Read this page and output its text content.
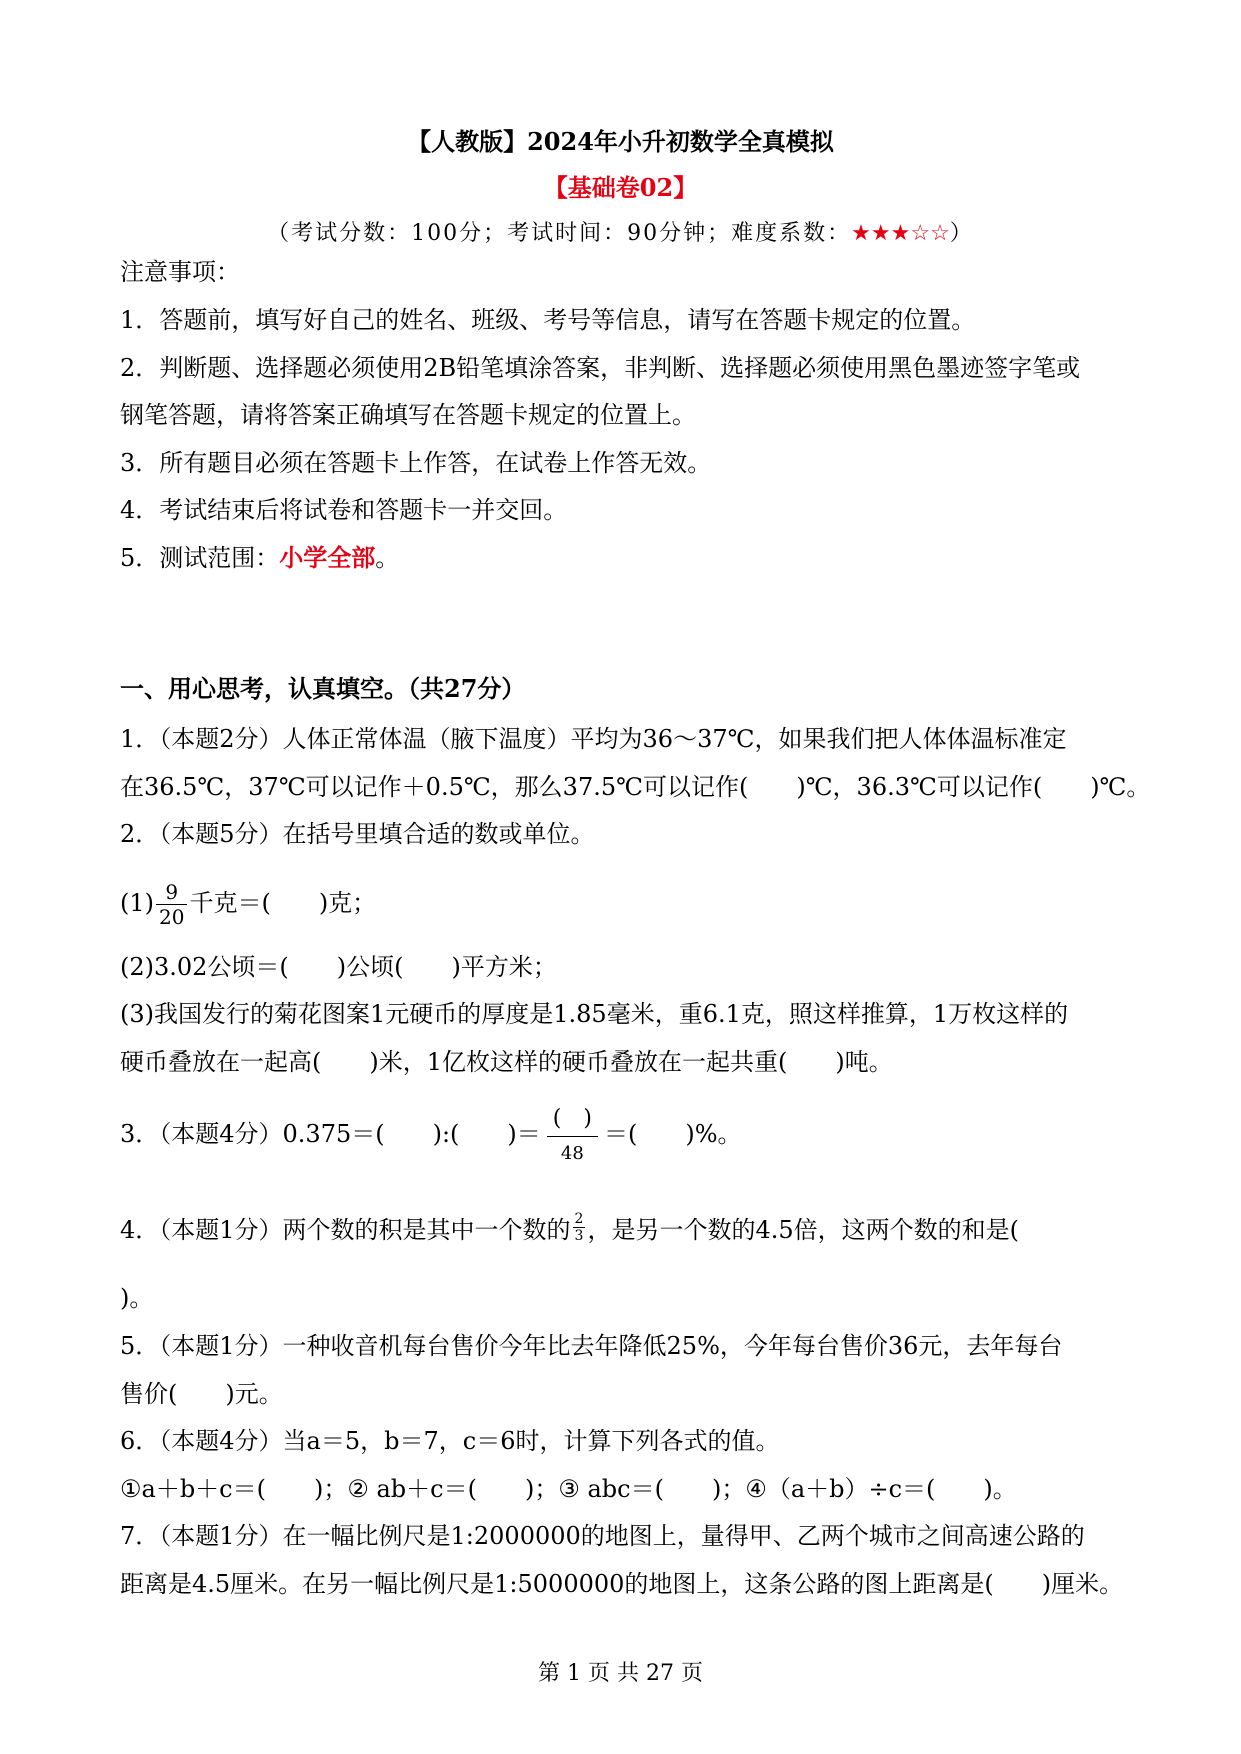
【人教版】2024年小升初数学全真模拟
【基础卷02】
（考试分数：100分；考试时间：90分钟；难度系数：★★★☆☆）
注意事项：
1．答题前，填写好自己的姓名、班级、考号等信息，请写在答题卡规定的位置。
2．判断题、选择题必须使用2B铅笔填涂答案，非判断、选择题必须使用黑色墨迹签字笔或
钢笔答题，请将答案正确填写在答题卡规定的位置上。
3．所有题目必须在答题卡上作答，在试卷上作答无效。
4．考试结束后将试卷和答题卡一并交回。
5．测试范围：小学全部。
一、用心思考，认真填空。（共27分）
1．（本题2分）人体正常体温（腋下温度）平均为36～37℃，如果我们把人体体温标准定
在36.5℃，37℃可以记作＋0.5℃，那么37.5℃可以记作(　　)℃，36.3℃可以记作(　　)℃。
2．（本题5分）在括号里填合适的数或单位。
$(1) \frac{9}{20}$ 千克＝(　　)克；
(2)3.02公顷＝(　　)公顷(　　)平方米；
(3)我国发行的菊花图案1元硬币的厚度是1.85毫米，重6.1克，照这样推算，1万枚这样的
硬币叠放在一起高(　　)米，1亿枚这样的硬币叠放在一起共重(　　)吨。
3．（本题4分）0.375＝(　　):(　　)＝ $\frac{( )}{48}$ ＝(　　)%。
4．（本题1分）两个数的积是其中一个数的 $\frac{2}{3}$ ，是另一个数的4.5倍，这两个数的和是(
)。
5．（本题1分）一种收音机每台售价今年比去年降低25%，今年每台售价36元，去年每台
售价(　　)元。
6．（本题4分）当a＝5，b＝7，c＝6时，计算下列各式的值。
①a＋b＋c＝(　　)；② ab＋c＝(　　)；③ abc＝(　　)；④（a＋b）÷c＝(　　)。
7．（本题1分）在一幅比例尺是1:2000000的地图上，量得甲、乙两个城市之间高速公路的
距离是4.5厘米。在另一幅比例尺是1:5000000的地图上，这条公路的图上距离是(　　)厘米。
第 1 页 共 27 页
